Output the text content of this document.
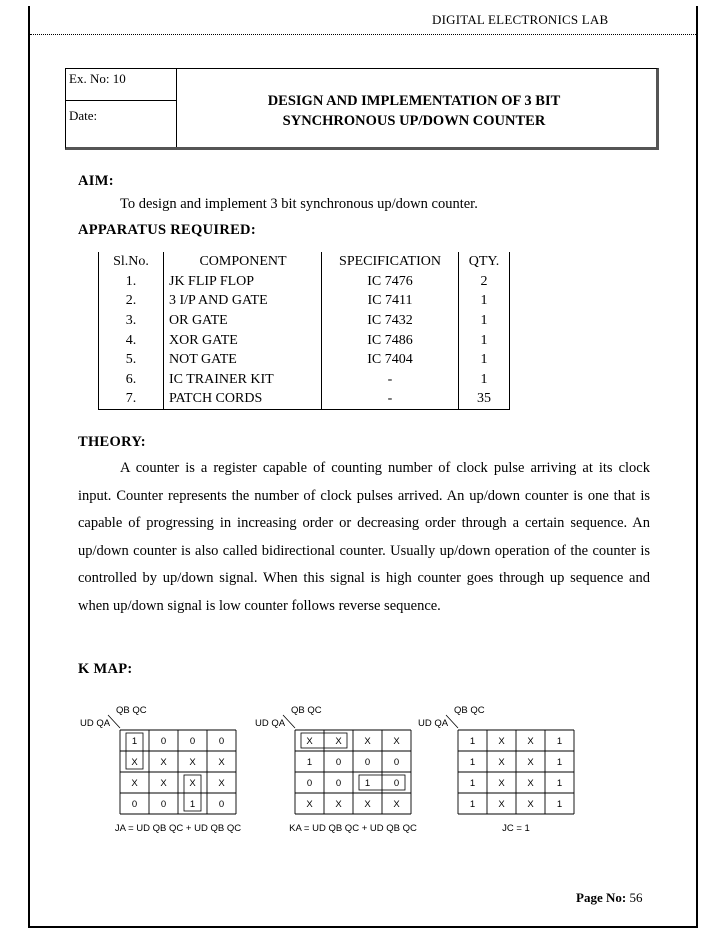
DIGITAL ELECTRONICS LAB
Ex. No: 10
Date:
DESIGN AND IMPLEMENTATION OF 3 BIT
SYNCHRONOUS UP/DOWN COUNTER
AIM:
To design and implement 3 bit synchronous up/down counter.
APPARATUS REQUIRED:
Sl.No.	COMPONENT	SPECIFICATION	QTY.
1.	JK FLIP FLOP	IC 7476	2
2.	3 I/P AND GATE	IC 7411	1
3.	OR GATE	IC 7432	1
4.	XOR GATE	IC 7486	1
5.	NOT GATE	IC 7404	1
6.	IC TRAINER KIT	-	1
7.	PATCH CORDS	-	35
THEORY:
A counter is a register capable of counting number of clock pulse arriving at its clock input. Counter represents the number of clock pulses arrived. An up/down counter is one that is capable of progressing in increasing order or decreasing order through a certain sequence. An up/down counter is also called bidirectional counter. Usually up/down operation of the counter is controlled by up/down signal. When this signal is high counter goes through up sequence and when up/down signal is low counter follows reverse sequence.
K MAP:
QB QC
UD QA
1 0 0 0
X X X X
X X X X
0 0 1 0
JA = UD QB QC + UD QB QC
QB QC
UD QA
X X X X
1 0 0 0
0 0 1 0
X X X X
KA = UD QB QC + UD QB QC
QB QC
UD QA
1 X X 1
1 X X 1
1 X X 1
1 X X 1
JC = 1
Page No: 56
